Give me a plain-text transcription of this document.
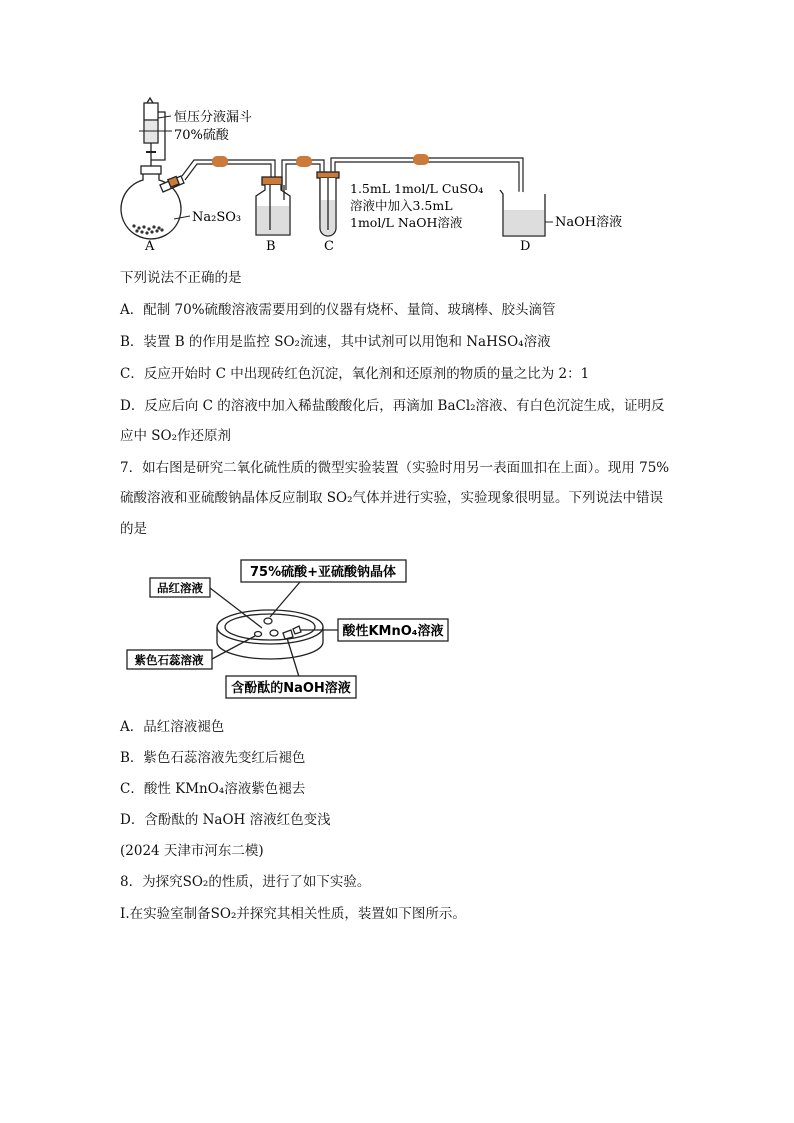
恒压分液漏斗
70%硫酸
Na₂SO₃
A	B	C	D
1.5mL 1mol/L CuSO₄
溶液中加入3.5mL
1mol/L NaOH溶液	NaOH溶液
下列说法不正确的是
A．配制 70%硫酸溶液需要用到的仪器有烧杯、量筒、玻璃棒、胶头滴管
B．装置 B 的作用是监控 SO₂流速，其中试剂可以用饱和 NaHSO₄溶液
C．反应开始时 C 中出现砖红色沉淀，氧化剂和还原剂的物质的量之比为 2：1
D．反应后向 C 的溶液中加入稀盐酸酸化后，再滴加 BaCl₂溶液、有白色沉淀生成，证明反
应中 SO₂作还原剂
7．如右图是研究二氧化硫性质的微型实验装置（实验时用另一表面皿扣在上面）。现用 75%
硫酸溶液和亚硫酸钠晶体反应制取 SO₂气体并进行实验，实验现象很明显。下列说法中错误
的是
75%硫酸+亚硫酸钠晶体
品红溶液
酸性KMnO₄溶液
紫色石蕊溶液
含酚酞的NaOH溶液
A．品红溶液褪色
B．紫色石蕊溶液先变红后褪色
C．酸性 KMnO₄溶液紫色褪去
D．含酚酞的 NaOH 溶液红色变浅
(2024 天津市河东二模)
8．为探究SO₂的性质，进行了如下实验。
Ⅰ.在实验室制备SO₂并探究其相关性质，装置如下图所示。
